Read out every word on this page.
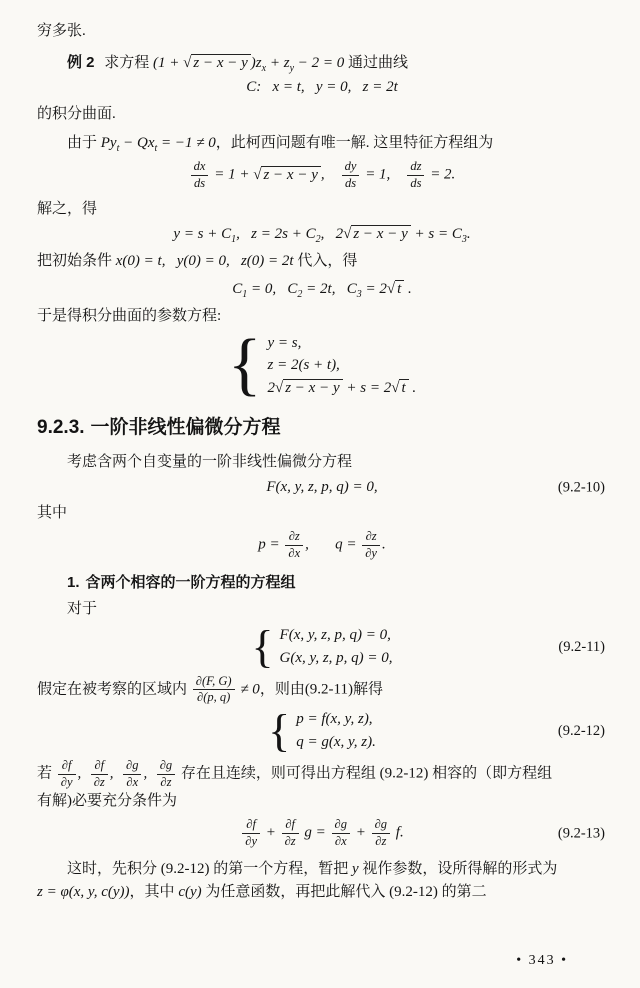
穷多张.

例 2 求方程 (1 + √ z − x − y )$z_x + z_y - 2 = 0$ 通过曲线

C:  x = t,  y = 0,  z = 2t

的积分曲面.

由于 $Py_t - Qx_t = -1 \ne 0$，此柯西问题有唯一解. 这里特征方程组为

$\frac{dx}{ds} = 1$ + √ z − x − y ,   $\frac{dy}{ds} = 1$,   $\frac{dz}{ds} = 2$.

解之，得

$y = s + C_1$,  $z = 2s + C_2$,  2 √ $z - x - y + s = C_3$.

把初始条件 x(0) = t,  y(0) = 0,  z(0) = 2t 代入，得

$C_1 = 0$,  $C_2 = 2t$,  $C_3 = 2$ √ t .

于是得积分曲面的参数方程:

{ y = s,
z = 2(s + t),
2 √ z − x − y + s = 2 √ t .
9.2.3. 一阶非线性偏微分方程

考虑含两个自变量的一阶非线性偏微分方程

F(x, y, z, p, q) = 0,	(9.2-10)

其中

$p = \frac{\partial z}{\partial x}$ ,   $q = \frac{\partial z}{\partial y}$ .
1. 含两个相容的一阶方程的方程组

对于

{ F(x, y, z, p, q) = 0,
G(x, y, z, p, q) = 0,
(9.2-11)

假定在被考察的区域内 $\frac{\partial(F, G)}{\partial(p, q)} \ne 0$，则由(9.2-11)解得

{ p = f(x, y, z),
q = g(x, y, z).
(9.2-12)

若 $\frac{\partial f}{\partial y}$ ,  $\frac{\partial f}{\partial z}$ ,  $\frac{\partial g}{\partial x}$ ,  $\frac{\partial g}{\partial z}$ 存在且连续，则可得出方程组 (9.2-12) 相容的（即方程组

有解)必要充分条件为

$\frac{\partial f}{\partial y} + \frac{\partial f}{\partial z}$ $g = \frac{\partial g}{\partial x} + \frac{\partial g}{\partial z} f$.	(9.2-13)

这时，先积分 (9.2-12) 的第一个方程，暂把 y 视作参数，设所得解的形式为

z = φ(x, y, c(y))，其中 c(y) 为任意函数，再把此解代入 (9.2-12) 的第二

• 343 •
